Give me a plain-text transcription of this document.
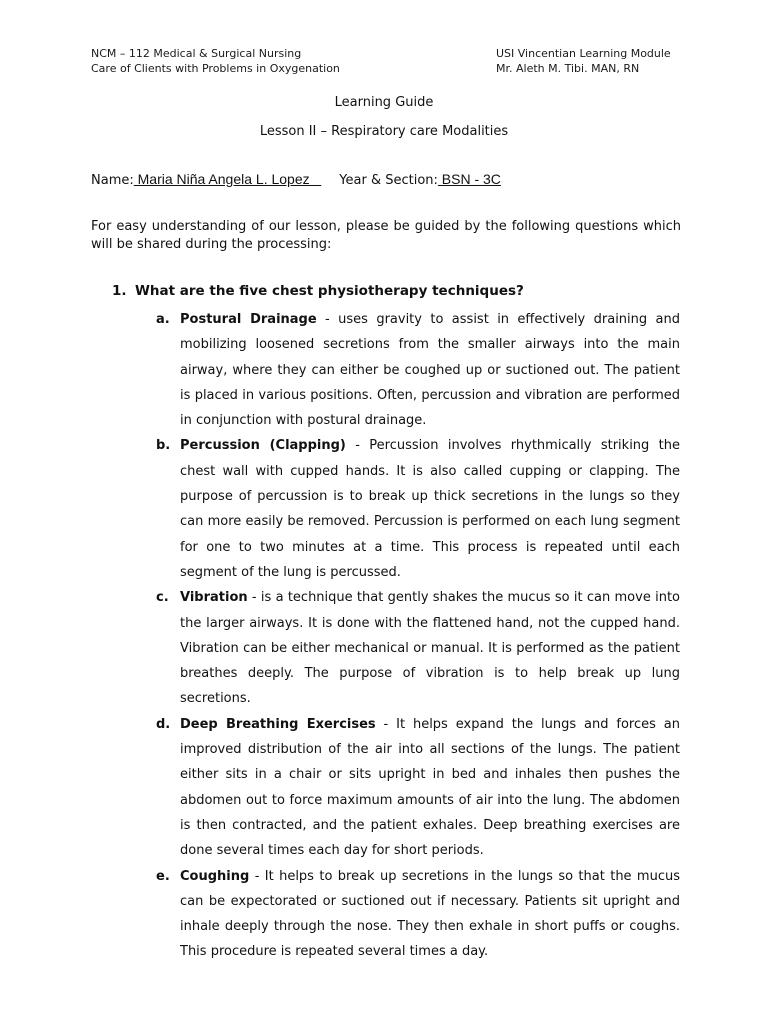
NCM – 112 Medical & Surgical Nursing
Care of Clients with Problems in Oxygenation
USI Vincentian Learning Module
Mr. Aleth M. Tibi. MAN, RN
Learning Guide
Lesson II – Respiratory care Modalities
Name: Maria Niña Angela L. Lopez   Year & Section: BSN - 3C
For easy understanding of our lesson, please be guided by the following questions which will be shared during the processing:
1. What are the five chest physiotherapy techniques?
a. Postural Drainage - uses gravity to assist in effectively draining and mobilizing loosened secretions from the smaller airways into the main airway, where they can either be coughed up or suctioned out. The patient is placed in various positions. Often, percussion and vibration are performed in conjunction with postural drainage.
b. Percussion (Clapping) - Percussion involves rhythmically striking the chest wall with cupped hands. It is also called cupping or clapping. The purpose of percussion is to break up thick secretions in the lungs so they can more easily be removed. Percussion is performed on each lung segment for one to two minutes at a time. This process is repeated until each segment of the lung is percussed.
c. Vibration - is a technique that gently shakes the mucus so it can move into the larger airways. It is done with the flattened hand, not the cupped hand. Vibration can be either mechanical or manual. It is performed as the patient breathes deeply. The purpose of vibration is to help break up lung secretions.
d. Deep Breathing Exercises - It helps expand the lungs and forces an improved distribution of the air into all sections of the lungs. The patient either sits in a chair or sits upright in bed and inhales then pushes the abdomen out to force maximum amounts of air into the lung. The abdomen is then contracted, and the patient exhales. Deep breathing exercises are done several times each day for short periods.
e. Coughing - It helps to break up secretions in the lungs so that the mucus can be expectorated or suctioned out if necessary. Patients sit upright and inhale deeply through the nose. They then exhale in short puffs or coughs. This procedure is repeated several times a day.
